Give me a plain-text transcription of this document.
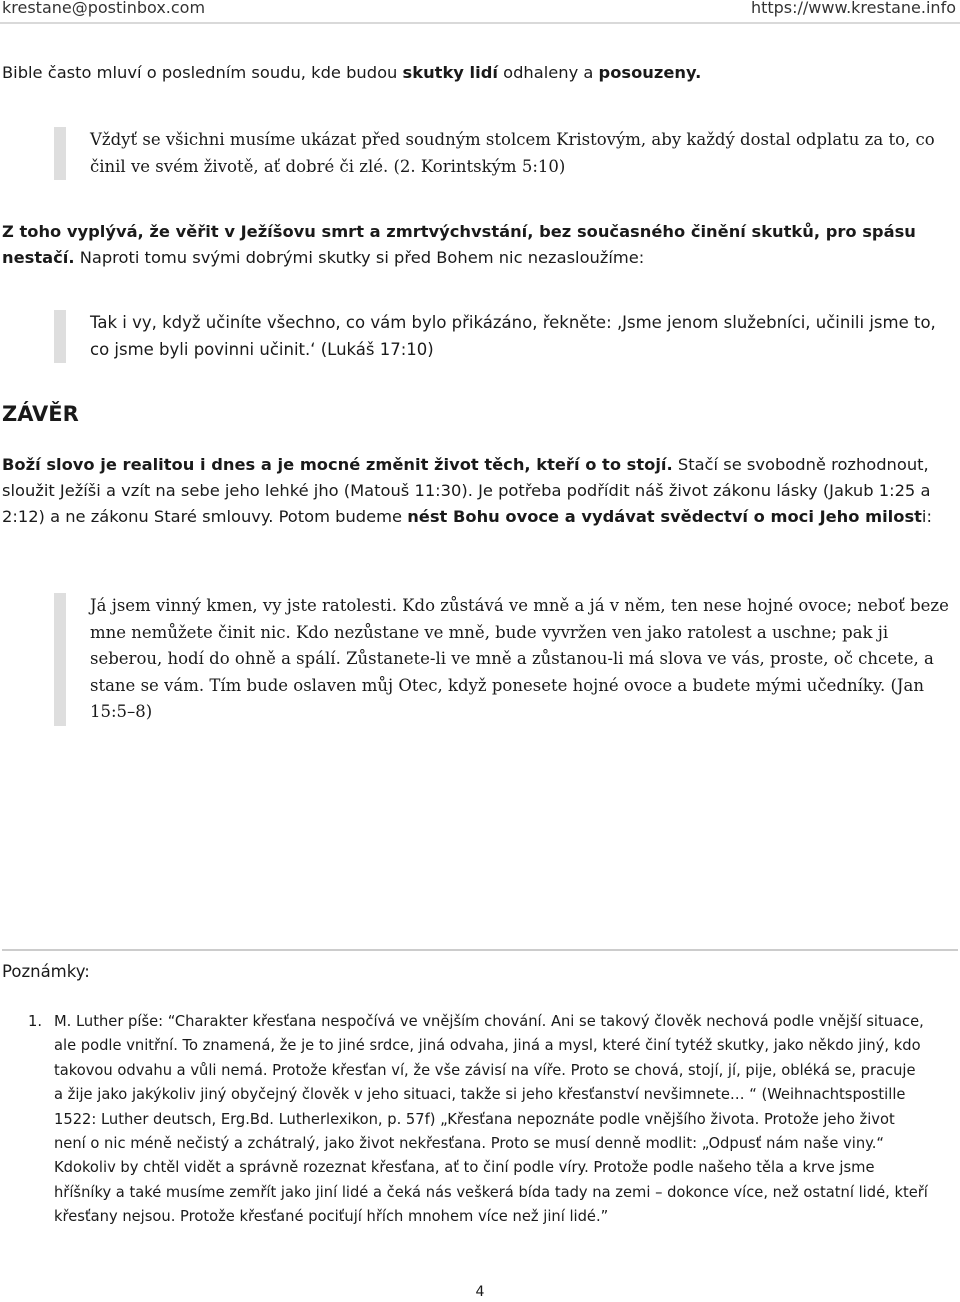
krestane@postinbox.com	https://www.krestane.info
Bible často mluví o posledním soudu, kde budou skutky lidí odhaleny a posouzeny.
Vždyť se všichni musíme ukázat před soudným stolcem Kristovým, aby každý dostal odplatu za to, co činil ve svém životě, ať dobré či zlé. (2. Korintským 5:10)
Z toho vyplývá, že věřit v Ježíšovu smrt a zmrtvýchvstání, bez současného činění skutků, pro spásu nestačí. Naproti tomu svými dobrými skutky si před Bohem nic nezasloužíme:
Tak i vy, když učiníte všechno, co vám bylo přikázáno, řekněte: ‚Jsme jenom služebníci, učinili jsme to, co jsme byli povinni učinit.‘ (Lukáš 17:10)
ZÁVĚR
Boží slovo je realitou i dnes a je mocné změnit život těch, kteří o to stojí. Stačí se svobodně rozhodnout, sloužit Ježíši a vzít na sebe jeho lehké jho (Matouš 11:30). Je potřeba podřídit náš život zákonu lásky (Jakub 1:25 a 2:12) a ne zákonu Staré smlouvy. Potom budeme nést Bohu ovoce a vydávat svědectví o moci Jeho milosti:
Já jsem vinný kmen, vy jste ratolesti. Kdo zůstává ve mně a já v něm, ten nese hojné ovoce; neboť beze mne nemůžete činit nic. Kdo nezůstane ve mně, bude vyvržen ven jako ratolest a uschne; pak ji seberou, hodí do ohně a spálí. Zůstanete-li ve mně a zůstanou-li má slova ve vás, proste, oč chcete, a stane se vám. Tím bude oslaven můj Otec, když ponesete hojné ovoce a budete mými učedníky. (Jan 15:5–8)
Poznámky:
1. M. Luther píše: “Charakter křesťana nespočívá ve vnějším chování. Ani se takový člověk nechová podle vnější situace, ale podle vnitřní. To znamená, že je to jiné srdce, jiná odvaha, jiná a mysl, které činí tytéž skutky, jako někdo jiný, kdo takovou odvahu a vůli nemá. Protože křesťan ví, že vše závisí na víře. Proto se chová, stojí, jí, pije, obléká se, pracuje a žije jako jakýkoliv jiný obyčejný člověk v jeho situaci, takže si jeho křesťanství nevšimnete… “ (Weihnachtspostille 1522: Luther deutsch, Erg.Bd. Lutherlexikon, p. 57f) „Křesťana nepoznáte podle vnějšího života. Protože jeho život není o nic méně nečistý a zchátralý, jako život nekřesťana. Proto se musí denně modlit: „Odpusť nám naše viny.“ Kdokoliv by chtěl vidět a správně rozeznat křesťana, ať to činí podle víry. Protože podle našeho těla a krve jsme hříšníky a také musíme zemřít jako jiní lidé a čeká nás veškerá bída tady na zemi – dokonce více, než ostatní lidé, kteří křesťany nejsou. Protože křesťané pociťují hřích mnohem více než jiní lidé.”
4
